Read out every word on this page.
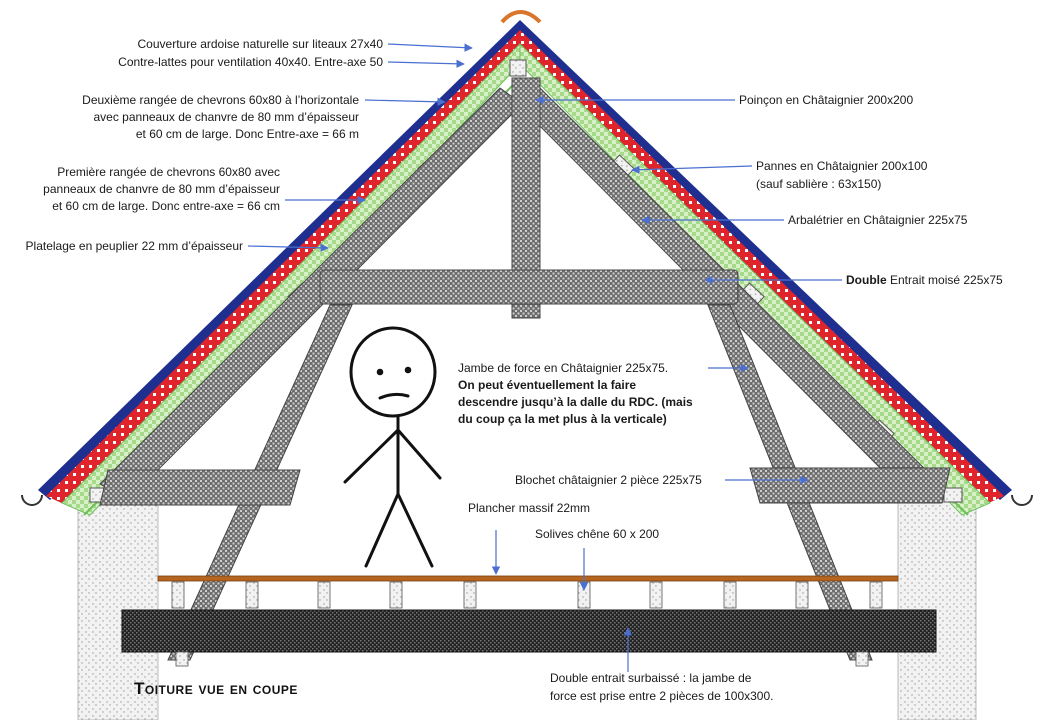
Couverture ardoise naturelle sur liteaux 27x40
Contre-lattes pour ventilation 40x40. Entre-axe 50
Deuxième rangée de chevrons 60x80 à l’horizontale
avec panneaux de chanvre de 80 mm d’épaisseur
et 60 cm de large. Donc Entre-axe = 66 m
Première rangée de chevrons 60x80 avec
panneaux de chanvre de 80 mm d’épaisseur
et 60 cm de large. Donc entre-axe = 66 cm
Platelage en peuplier 22 mm d’épaisseur
Poinçon en Châtaignier 200x200
Pannes en Châtaignier 200x100
(sauf sablière : 63x150)
Arbalétrier en Châtaignier 225x75
Double Entrait moisé 225x75
Jambe de force en Châtaignier 225x75.
On peut éventuellement la faire
descendre jusqu’à la dalle du RDC. (mais
du coup ça la met plus à la verticale)
Blochet châtaignier 2 pièce 225x75
Plancher massif 22mm
Solives chêne 60 x 200
Double entrait surbaissé : la jambe de
force est prise entre 2 pièces de 100x300.
Toiture vue en coupe
